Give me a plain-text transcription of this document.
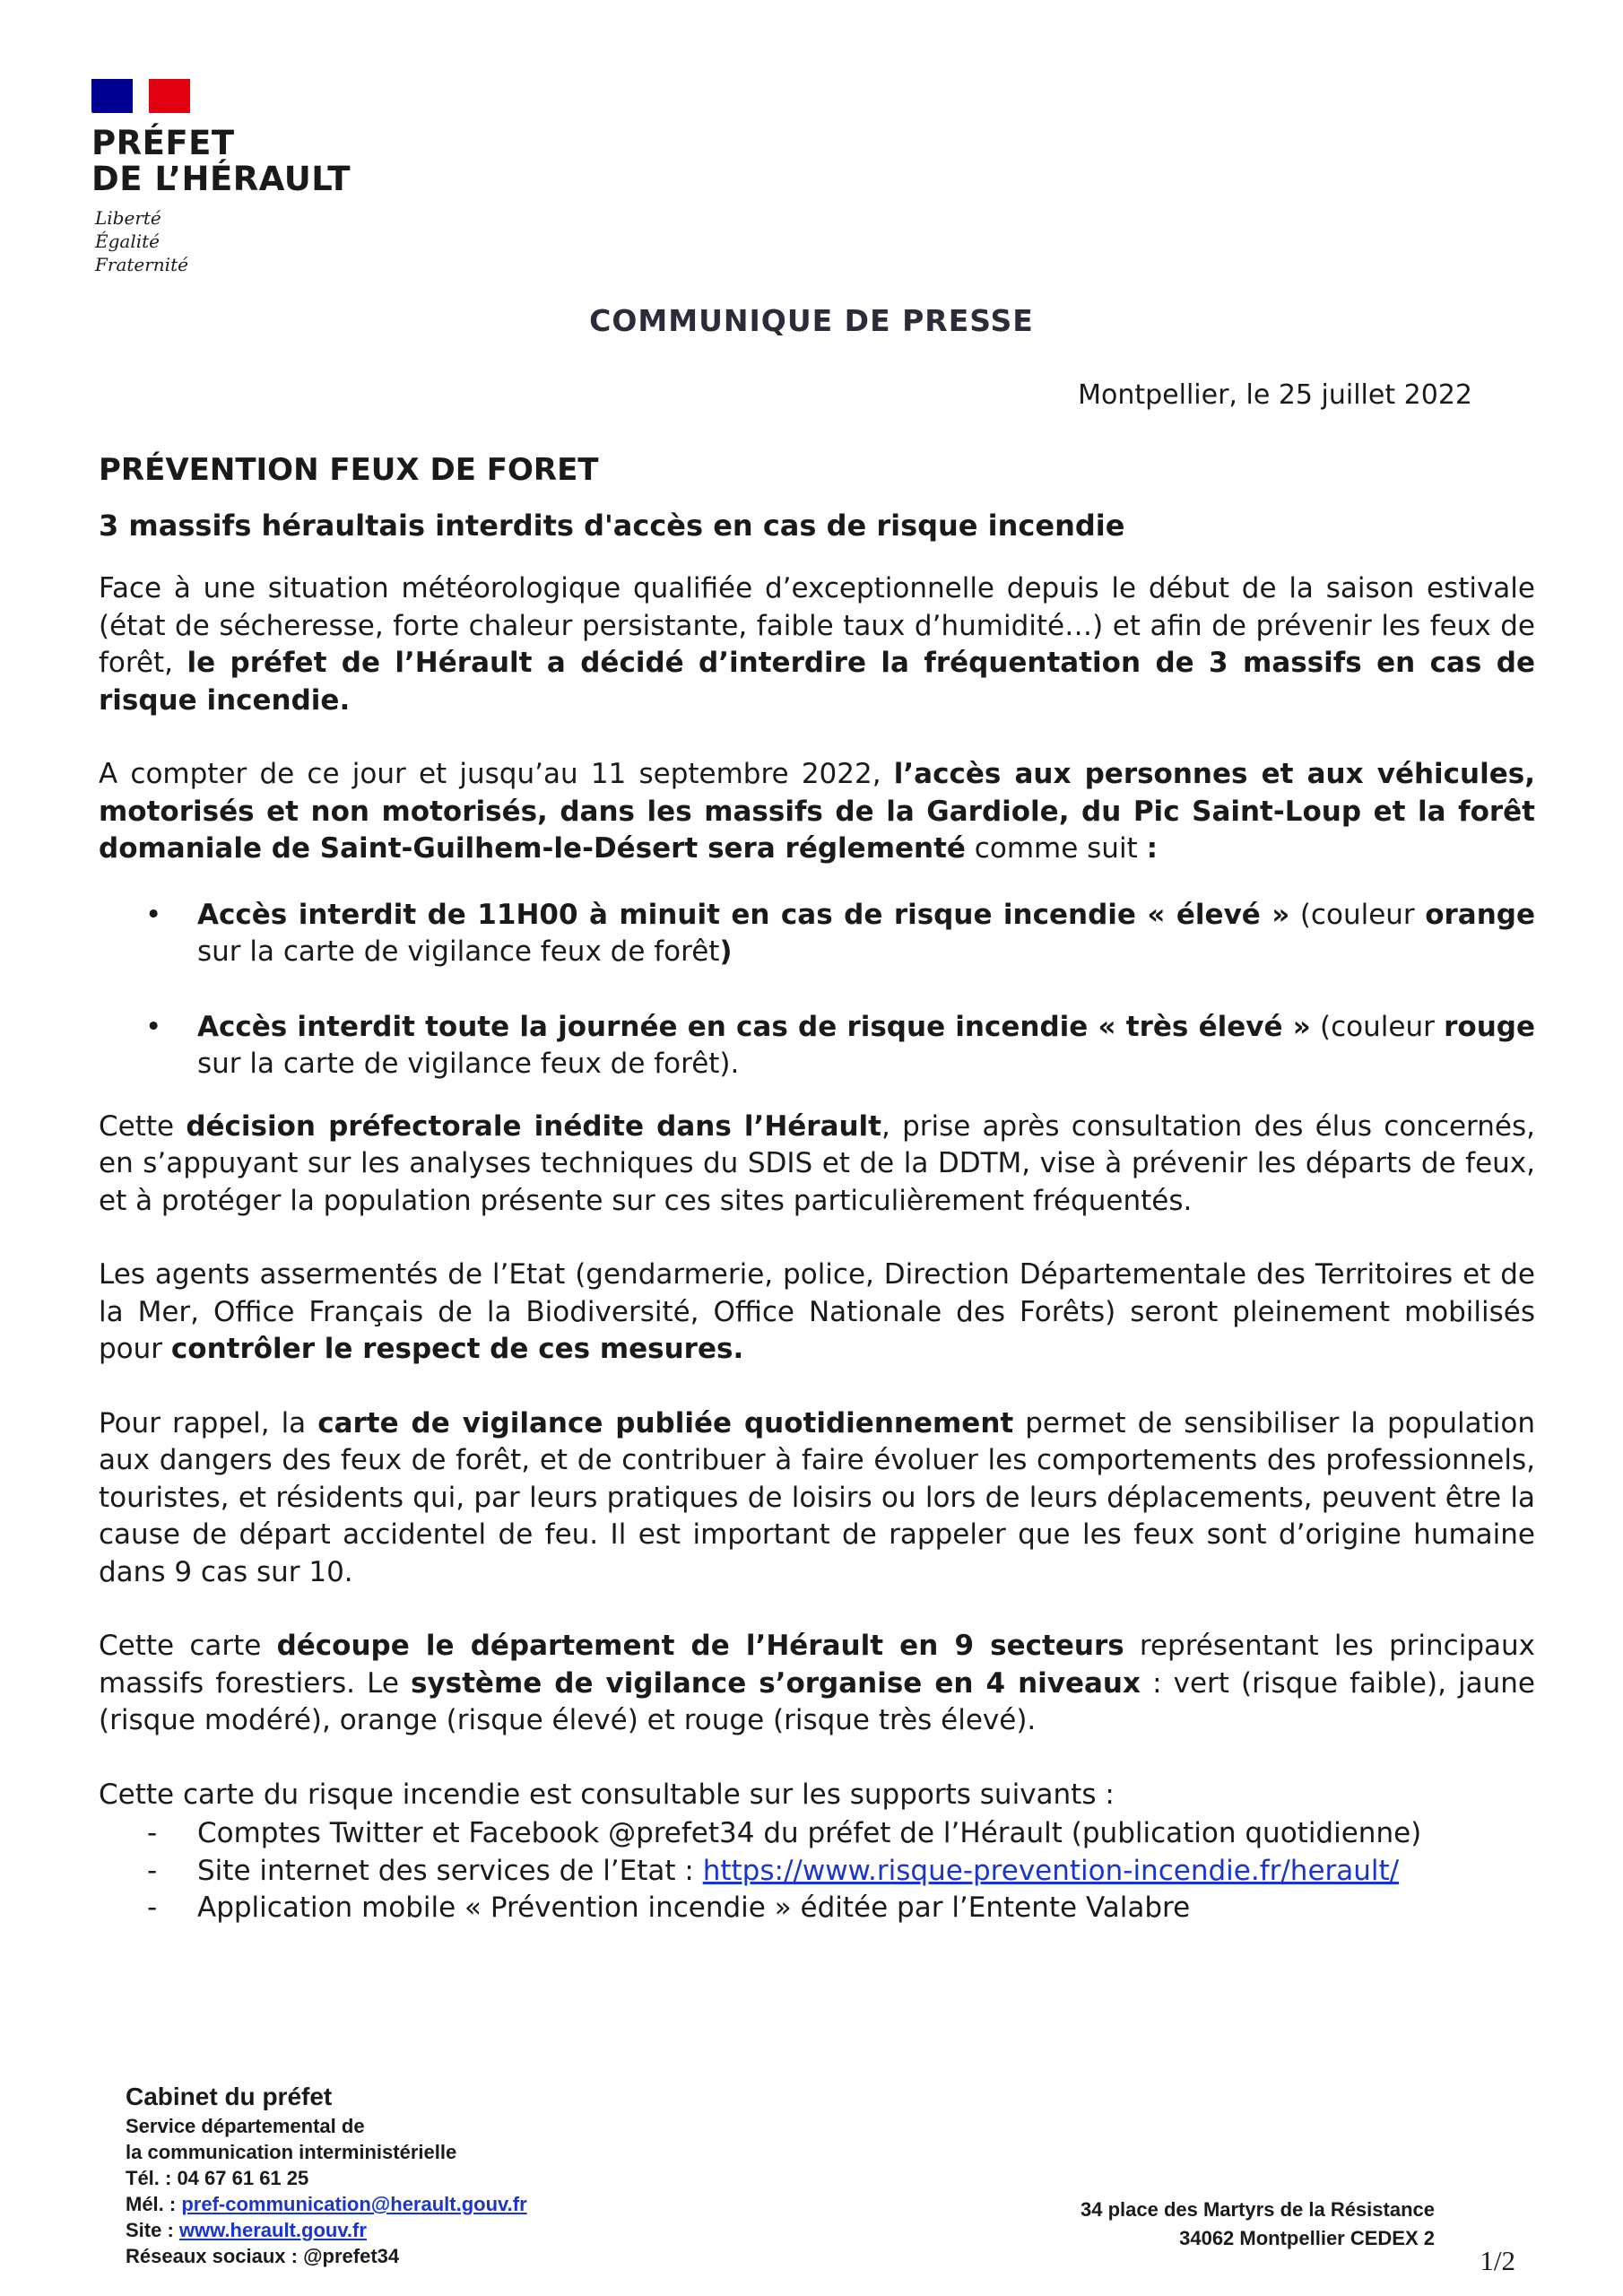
PRÉFET
DE L’HÉRAULT
Liberté
Égalité
Fraternité
COMMUNIQUE DE PRESSE
Montpellier, le 25 juillet 2022
PRÉVENTION FEUX DE FORET
3 massifs héraultais interdits d'accès en cas de risque incendie

Face à une situation météorologique qualifiée d’exceptionnelle depuis le début de la saison estivale (état de sécheresse, forte chaleur persistante, faible taux d’humidité…) et afin de prévenir les feux de forêt, le préfet de l’Hérault a décidé d’interdire la fréquentation de 3 massifs en cas de risque incendie.

A compter de ce jour et jusqu’au 11 septembre 2022, l’accès aux personnes et aux véhicules, motorisés et non motorisés, dans les massifs de la Gardiole, du Pic Saint-Loup et la forêt domaniale de Saint-Guilhem-le-Désert sera réglementé comme suit :

• Accès interdit de 11H00 à minuit en cas de risque incendie « élevé » (couleur orange sur la carte de vigilance feux de forêt)
• Accès interdit toute la journée en cas de risque incendie « très élevé » (couleur rouge sur la carte de vigilance feux de forêt).

Cette décision préfectorale inédite dans l’Hérault, prise après consultation des élus concernés, en s’appuyant sur les analyses techniques du SDIS et de la DDTM, vise à prévenir les départs de feux, et à protéger la population présente sur ces sites particulièrement fréquentés.

Les agents assermentés de l’Etat (gendarmerie, police, Direction Départementale des Territoires et de la Mer, Office Français de la Biodiversité, Office Nationale des Forêts) seront pleinement mobilisés pour contrôler le respect de ces mesures.

Pour rappel, la carte de vigilance publiée quotidiennement permet de sensibiliser la population aux dangers des feux de forêt, et de contribuer à faire évoluer les comportements des professionnels, touristes, et résidents qui, par leurs pratiques de loisirs ou lors de leurs déplacements, peuvent être la cause de départ accidentel de feu. Il est important de rappeler que les feux sont d’origine humaine dans 9 cas sur 10.

Cette carte découpe le département de l’Hérault en 9 secteurs représentant les principaux massifs forestiers. Le système de vigilance s’organise en 4 niveaux : vert (risque faible), jaune (risque modéré), orange (risque élevé) et rouge (risque très élevé).

Cette carte du risque incendie est consultable sur les supports suivants :
-	Comptes Twitter et Facebook @prefet34 du préfet de l’Hérault (publication quotidienne)
-	Site internet des services de l’Etat : https://www.risque-prevention-incendie.fr/herault/
-	Application mobile « Prévention incendie » éditée par l’Entente Valabre
Cabinet du préfet
Service départemental de
la communication interministérielle
Tél. : 04 67 61 61 25
Mél. : pref-communication@herault.gouv.fr
Site : www.herault.gouv.fr
Réseaux sociaux : @prefet34
34 place des Martyrs de la Résistance
34062 Montpellier CEDEX 2
1/2
